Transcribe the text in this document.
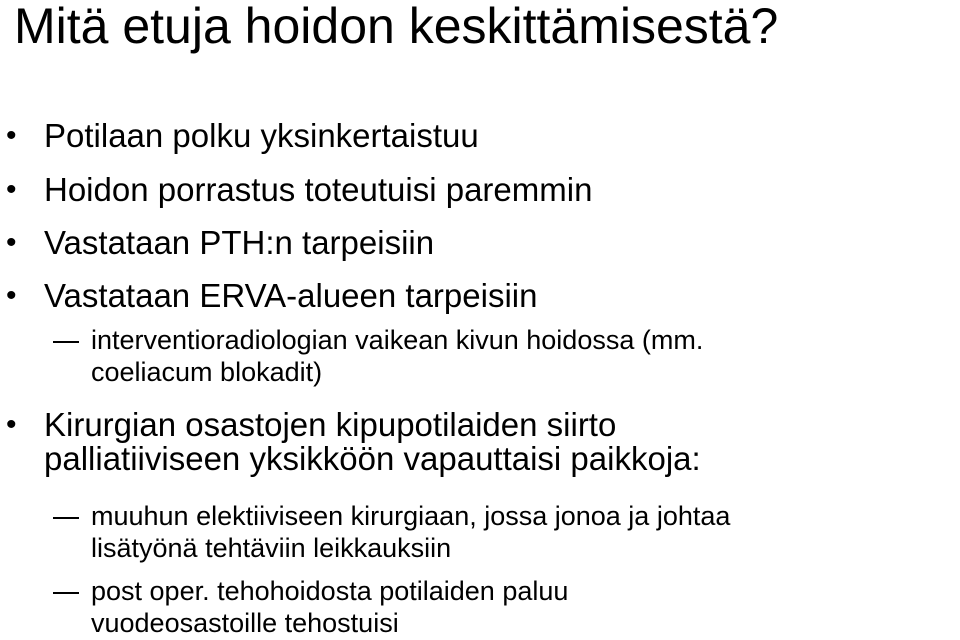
Mitä etuja hoidon keskittämisestä?
• Potilaan polku yksinkertaistuu
• Hoidon porrastus toteutuisi paremmin
• Vastataan PTH:n tarpeisiin
• Vastataan ERVA-alueen tarpeisiin
interventioradiologian vaikean kivun hoidossa (mm.
coeliacum blokadit)
• Kirurgian osastojen kipupotilaiden siirto
palliatiiviseen yksikköön vapauttaisi paikkoja:
muuhun elektiiviseen kirurgiaan, jossa jonoa ja johtaa
lisätyönä tehtäviin leikkauksiin
post oper. tehohoidosta potilaiden paluu
vuodeosastoille tehostuisi
